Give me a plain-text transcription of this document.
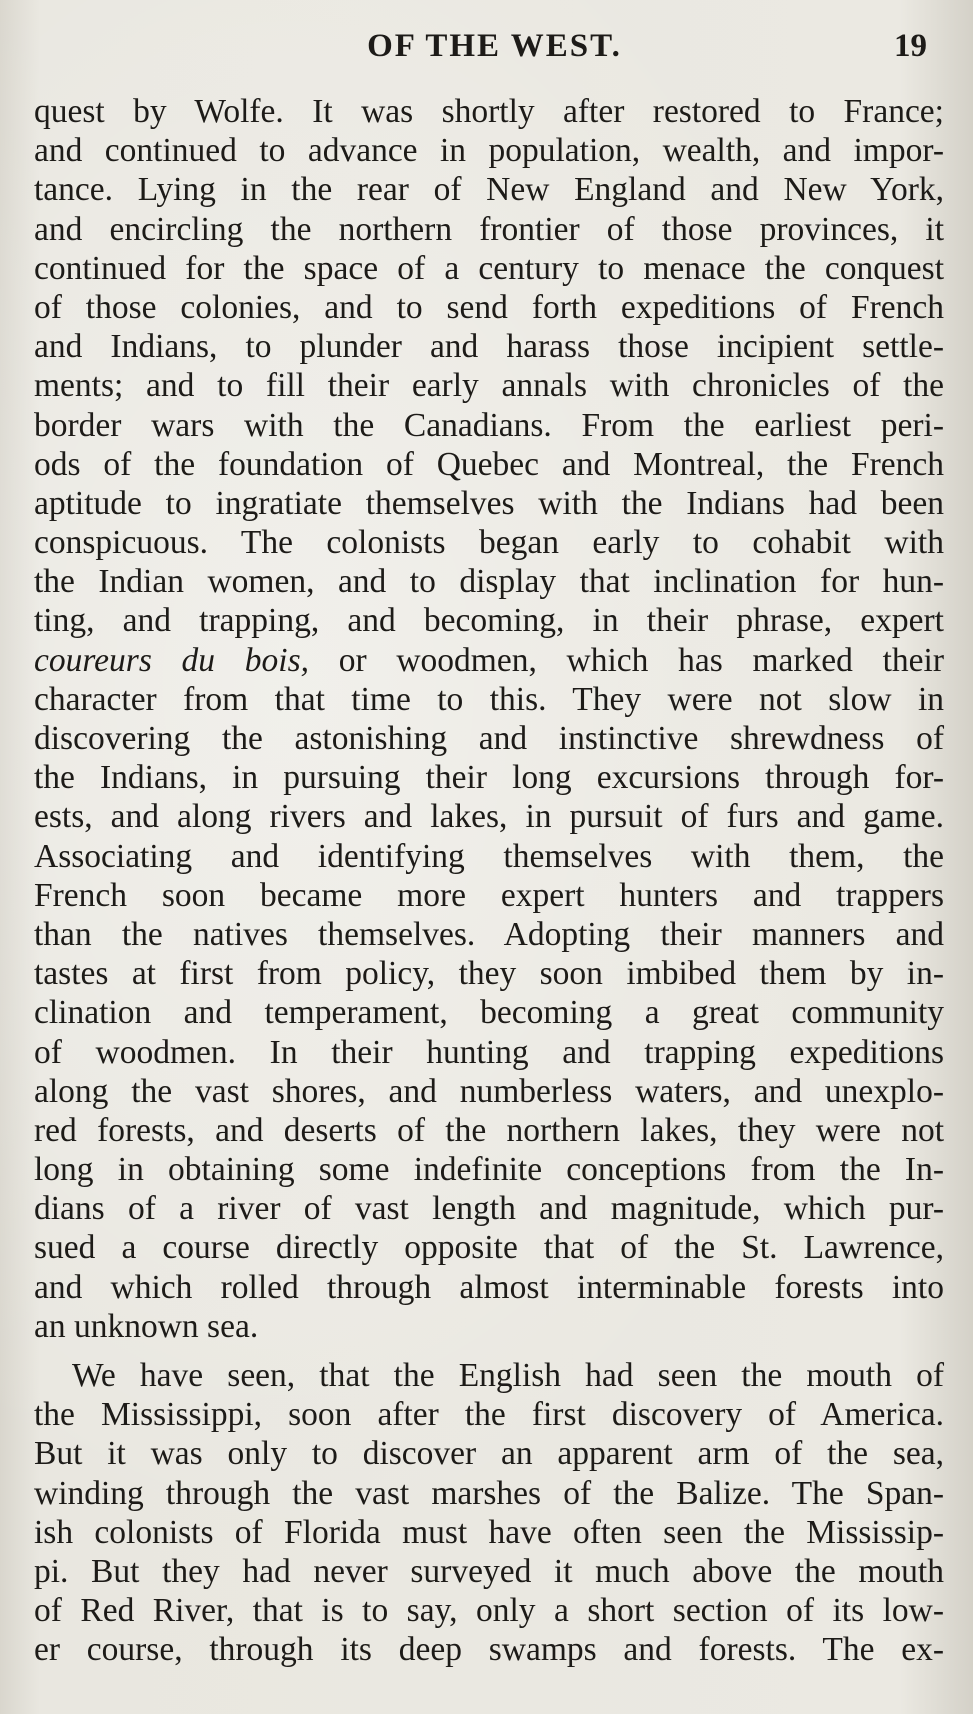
OF THE WEST.	19
quest by Wolfe. It was shortly after restored to France;
and continued to advance in population, wealth, and impor-
tance. Lying in the rear of New England and New York,
and encircling the northern frontier of those provinces, it
continued for the space of a century to menace the conquest
of those colonies, and to send forth expeditions of French
and Indians, to plunder and harass those incipient settle-
ments; and to fill their early annals with chronicles of the
border wars with the Canadians. From the earliest peri-
ods of the foundation of Quebec and Montreal, the French
aptitude to ingratiate themselves with the Indians had been
conspicuous. The colonists began early to cohabit with
the Indian women, and to display that inclination for hun-
ting, and trapping, and becoming, in their phrase, expert
coureurs du bois, or woodmen, which has marked their
character from that time to this. They were not slow in
discovering the astonishing and instinctive shrewdness of
the Indians, in pursuing their long excursions through for-
ests, and along rivers and lakes, in pursuit of furs and game.
Associating and identifying themselves with them, the
French soon became more expert hunters and trappers
than the natives themselves. Adopting their manners and
tastes at first from policy, they soon imbibed them by in-
clination and temperament, becoming a great community
of woodmen. In their hunting and trapping expeditions
along the vast shores, and numberless waters, and unexplo-
red forests, and deserts of the northern lakes, they were not
long in obtaining some indefinite conceptions from the In-
dians of a river of vast length and magnitude, which pur-
sued a course directly opposite that of the St. Lawrence,
and which rolled through almost interminable forests into
an unknown sea.
We have seen, that the English had seen the mouth of
the Mississippi, soon after the first discovery of America.
But it was only to discover an apparent arm of the sea,
winding through the vast marshes of the Balize. The Span-
ish colonists of Florida must have often seen the Mississip-
pi. But they had never surveyed it much above the mouth
of Red River, that is to say, only a short section of its low-
er course, through its deep swamps and forests. The ex-
